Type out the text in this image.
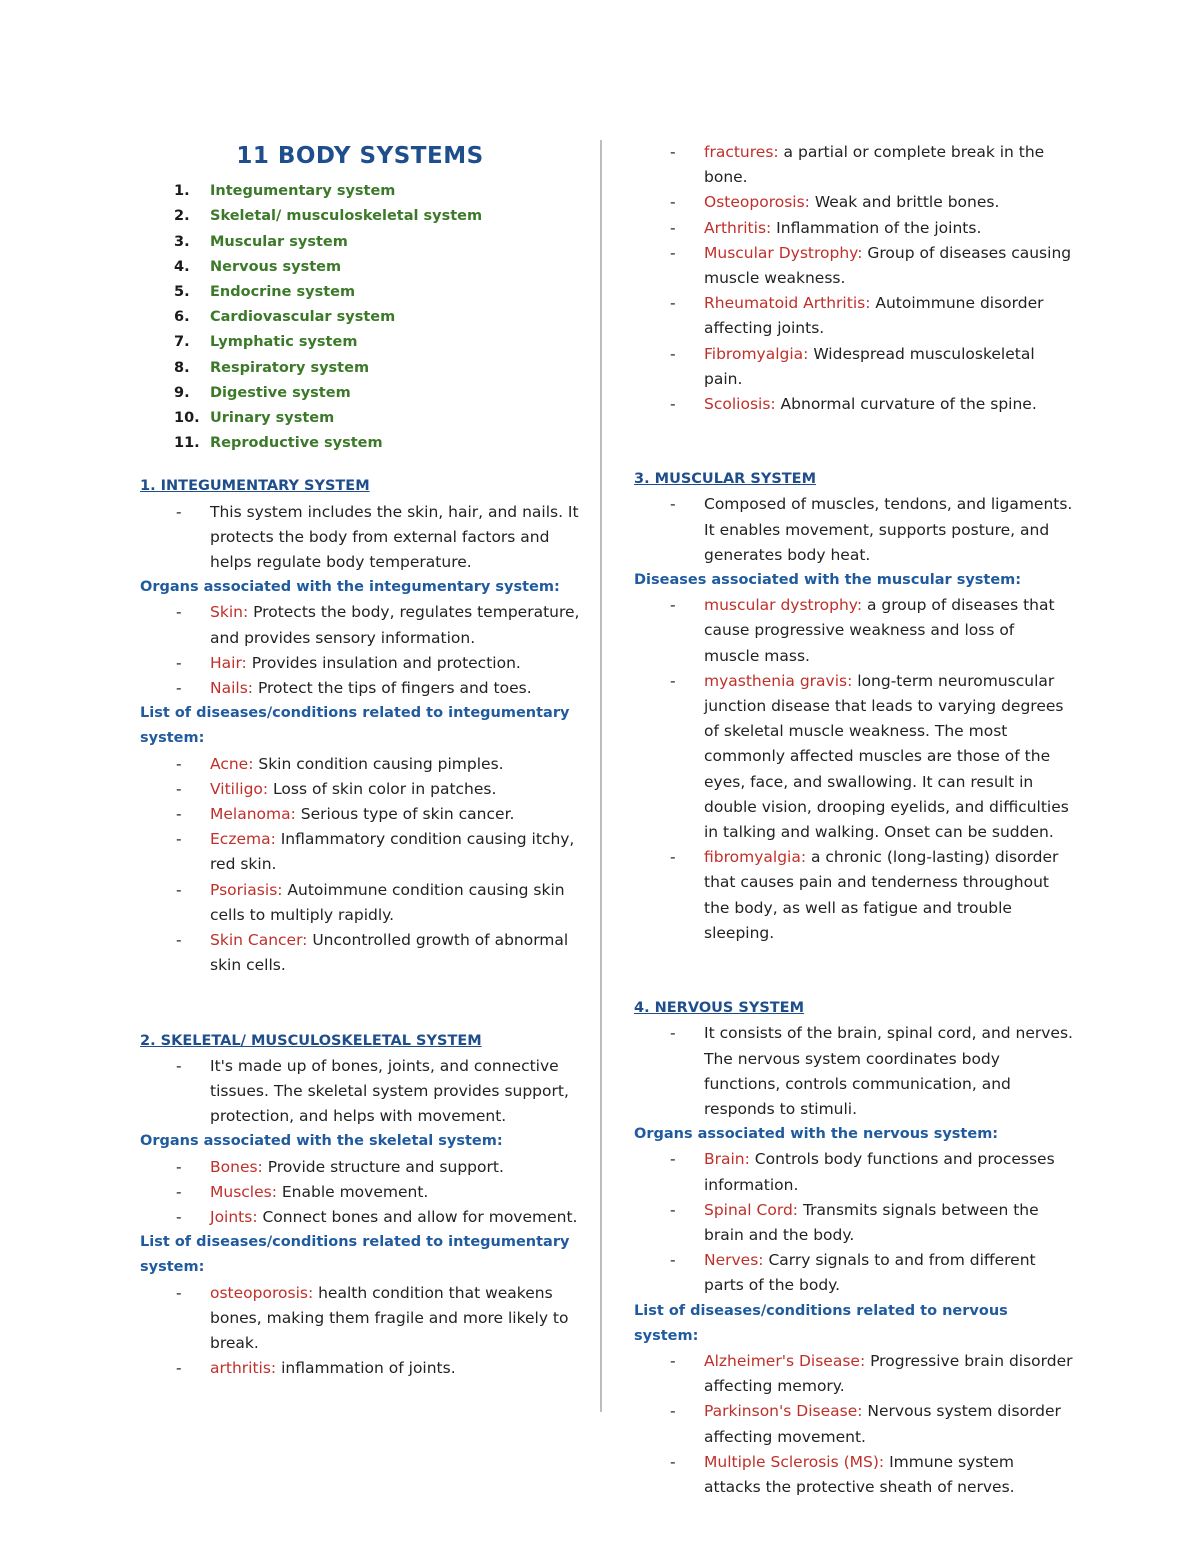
11 BODY SYSTEMS
1.	Integumentary system
2.	Skeletal/ musculoskeletal system
3.	Muscular system
4.	Nervous system
5.	Endocrine system
6.	Cardiovascular system
7.	Lymphatic system
8.	Respiratory system
9.	Digestive system
10. Urinary system
11. Reproductive system
1. INTEGUMENTARY SYSTEM
-	This system includes the skin, hair, and nails. It protects the body from external factors and helps regulate body temperature.
Organs associated with the integumentary system:
-	Skin: Protects the body, regulates temperature, and provides sensory information.
-	Hair: Provides insulation and protection.
-	Nails: Protect the tips of fingers and toes.
List of diseases/conditions related to integumentary system:
-	Acne: Skin condition causing pimples.
-	Vitiligo: Loss of skin color in patches.
-	Melanoma: Serious type of skin cancer.
-	Eczema: Inflammatory condition causing itchy, red skin.
-	Psoriasis: Autoimmune condition causing skin cells to multiply rapidly.
-	Skin Cancer: Uncontrolled growth of abnormal skin cells.
2. SKELETAL/ MUSCULOSKELETAL SYSTEM
-	It's made up of bones, joints, and connective tissues. The skeletal system provides support, protection, and helps with movement.
Organs associated with the skeletal system:
-	Bones: Provide structure and support.
-	Muscles: Enable movement.
-	Joints: Connect bones and allow for movement.
List of diseases/conditions related to integumentary system:
-	osteoporosis: health condition that weakens bones, making them fragile and more likely to break.
-	arthritis: inflammation of joints.
-	fractures: a partial or complete break in the bone.
-	Osteoporosis: Weak and brittle bones.
-	Arthritis: Inflammation of the joints.
-	Muscular Dystrophy: Group of diseases causing muscle weakness.
-	Rheumatoid Arthritis: Autoimmune disorder affecting joints.
-	Fibromyalgia: Widespread musculoskeletal pain.
-	Scoliosis: Abnormal curvature of the spine.
3. MUSCULAR SYSTEM
-	Composed of muscles, tendons, and ligaments. It enables movement, supports posture, and generates body heat.
Diseases associated with the muscular system:
-	muscular dystrophy: a group of diseases that cause progressive weakness and loss of muscle mass.
-	myasthenia gravis: long-term neuromuscular junction disease that leads to varying degrees of skeletal muscle weakness. The most commonly affected muscles are those of the eyes, face, and swallowing. It can result in double vision, drooping eyelids, and difficulties in talking and walking. Onset can be sudden.
-	fibromyalgia: a chronic (long-lasting) disorder that causes pain and tenderness throughout the body, as well as fatigue and trouble sleeping.
4. NERVOUS SYSTEM
-	It consists of the brain, spinal cord, and nerves. The nervous system coordinates body functions, controls communication, and responds to stimuli.
Organs associated with the nervous system:
-	Brain: Controls body functions and processes information.
-	Spinal Cord: Transmits signals between the brain and the body.
-	Nerves: Carry signals to and from different parts of the body.
List of diseases/conditions related to nervous system:
-	Alzheimer's Disease: Progressive brain disorder affecting memory.
-	Parkinson's Disease: Nervous system disorder affecting movement.
-	Multiple Sclerosis (MS): Immune system attacks the protective sheath of nerves.
